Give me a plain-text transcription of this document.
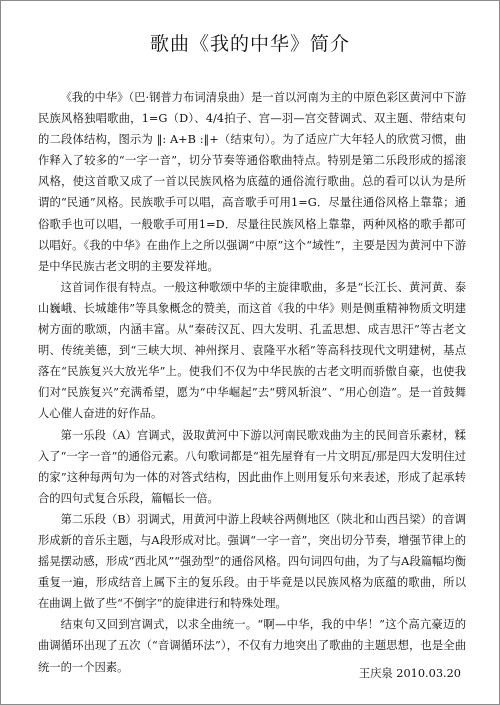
歌曲《我的中华》简介

《我的中华》（巴·钢普力布词清泉曲）是一首以河南为主的中原色彩区黄河中下游民族风格独唱歌曲，1=G（D）、4/4拍子、宫—羽—宫交替调式、双主题、带结束句的二段体结构，图示为 ‖: A+B :‖+（结束句）。为了适应广大年轻人的欣赏习惯，曲作释入了较多的“一字一音”，切分节奏等通俗歌曲特点。特别是第二乐段形成的摇滚风格，使这首歌又成了一首以民族风格为底蕴的通俗流行歌曲。总的看可以认为是所谓的“民通”风格。民族歌手可以唱，高音歌手可用1=G．尽量往通俗风格上靠靠；通俗歌手也可以唱，一般歌手可用1=D．尽量往民族风格上靠靠，两种风格的歌手都可以唱好。《我的中华》在曲作上之所以强调“中原”这个“域性”，主要是因为黄河中下游是中华民族古老文明的主要发祥地。

这首词作很有特点。一般这种歌颂中华的主旋律歌曲，多是“长江长、黄河黄、泰山巍峨、长城雄伟”等具象概念的赞美，而这首《我的中华》则是侧重精神物质文明建树方面的歌颂，内涵丰富。从“秦砖汉瓦、四大发明、孔孟思想、成吉思汗”等古老文明、传统美德，到“三峡大坝、神州探月、袁隆平水稻”等高科技现代文明建树，基点落在“民族复兴大放光华”上。使我们不仅为中华民族的古老文明而骄傲自豪，也使我们对“民族复兴”充满希望，愿为“中华崛起”去“劈风斩浪”、“用心创造”。是一首鼓舞人心催人奋进的好作品。

第一乐段（A）宫调式，汲取黄河中下游以河南民歌戏曲为主的民间音乐素材，糅入了“一字一音”的通俗元素。八句歌词都是“祖先屋脊有一片文明瓦/那是四大发明住过的家”这种每两句为一体的对答式结构，因此曲作上则用复乐句来表述，形成了起承转合的四句式复合乐段，篇幅长一倍。

第二乐段（B）羽调式，用黄河中游上段峡谷两侧地区（陕北和山西吕梁）的音调形成新的音乐主题，与A段形成对比。强调“一字一音”，突出切分节奏，增强节律上的摇晃摆动感，形成“西北风”“强劲型”的通俗风格。四句词四句曲，为了与A段篇幅均衡重复一遍，形成结音上属下主的复乐段。由于毕竟是以民族风格为底蕴的歌曲，所以在曲调上做了些“不倒字”的旋律进行和特殊处理。

结束句又回到宫调式，以求全曲统一。“啊—中华，我的中华！”这个高亢豪迈的曲调循环出现了五次（“音调循环法”），不仅有力地突出了歌曲的主题思想，也是全曲统一的一个因素。	王庆泉 2010.03.20
